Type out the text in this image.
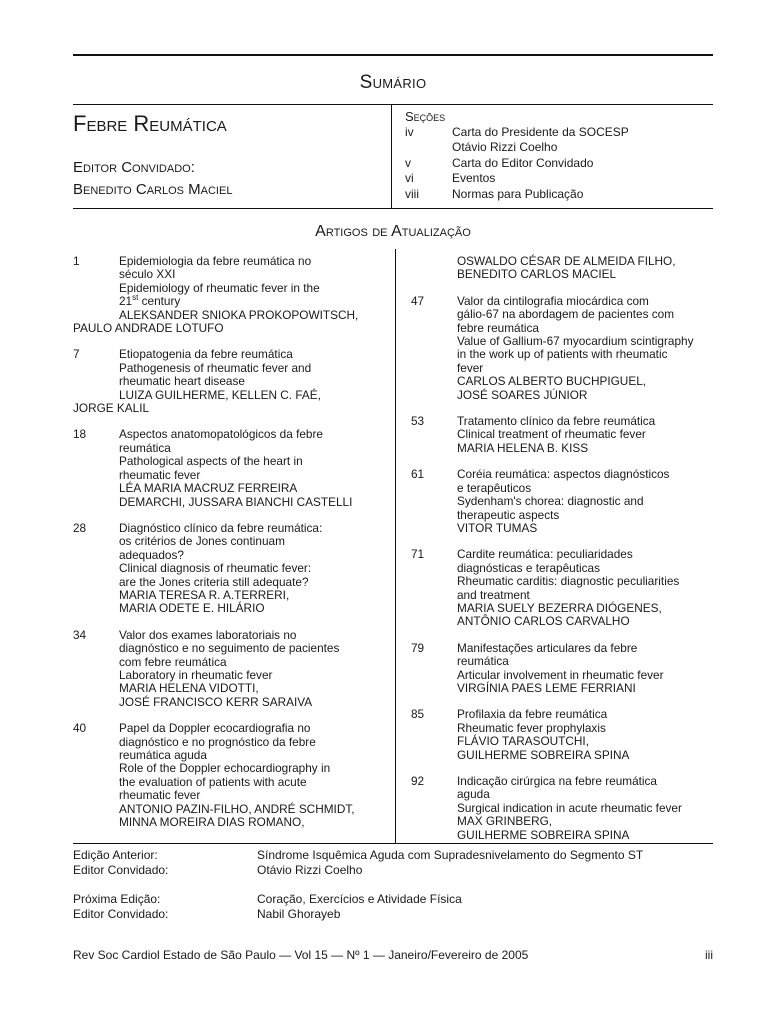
Sumário
Febre Reumática
Editor Convidado:
Benedito Carlos Maciel
Seções
iv	Carta do Presidente da SOCESP
Otávio Rizzi Coelho
v	Carta do Editor Convidado
vi	Eventos
viii	Normas para Publicação
Artigos de Atualização
1	Epidemiologia da febre reumática no
século XXI
Epidemiology of rheumatic fever in the
21st century
ALEKSANDER SNIOKA PROKOPOWITSCH,
PAULO ANDRADE LOTUFO
7	Etiopatogenia da febre reumática
Pathogenesis of rheumatic fever and
rheumatic heart disease
LUIZA GUILHERME, KELLEN C. FAÉ,
JORGE KALIL
18	Aspectos anatomopatológicos da febre
reumática
Pathological aspects of the heart in
rheumatic fever
LÉA MARIA MACRUZ FERREIRA
DEMARCHI, JUSSARA BIANCHI CASTELLI
28	Diagnóstico clínico da febre reumática:
os critérios de Jones continuam
adequados?
Clinical diagnosis of rheumatic fever:
are the Jones criteria still adequate?
MARIA TERESA R. A.TERRERI,
MARIA ODETE E. HILÁRIO
34	Valor dos exames laboratoriais no
diagnóstico e no seguimento de pacientes
com febre reumática
Laboratory in rheumatic fever
MARIA HELENA VIDOTTI,
JOSÉ FRANCISCO KERR SARAIVA
40	Papel da Doppler ecocardiografia no
diagnóstico e no prognóstico da febre
reumática aguda
Role of the Doppler echocardiography in
the evaluation of patients with acute
rheumatic fever
ANTONIO PAZIN-FILHO, ANDRÉ SCHMIDT,
MINNA MOREIRA DIAS ROMANO,
OSWALDO CÉSAR DE ALMEIDA FILHO,
BENEDITO CARLOS MACIEL
47	Valor da cintilografia miocárdica com
gálio-67 na abordagem de pacientes com
febre reumática
Value of Gallium-67 myocardium scintigraphy
in the work up of patients with rheumatic
fever
CARLOS ALBERTO BUCHPIGUEL,
JOSÉ SOARES JÚNIOR
53	Tratamento clínico da febre reumática
Clinical treatment of rheumatic fever
MARIA HELENA B. KISS
61	Coréia reumática: aspectos diagnósticos
e terapêuticos
Sydenham's chorea: diagnostic and
therapeutic aspects
VITOR TUMAS
71	Cardite reumática: peculiaridades
diagnósticas e terapêuticas
Rheumatic carditis: diagnostic peculiarities
and treatment
MARIA SUELY BEZERRA DIÓGENES,
ANTÔNIO CARLOS CARVALHO
79	Manifestações articulares da febre
reumática
Articular involvement in rheumatic fever
VIRGÍNIA PAES LEME FERRIANI
85	Profilaxia da febre reumática
Rheumatic fever prophylaxis
FLÁVIO TARASOUTCHI,
GUILHERME SOBREIRA SPINA
92	Indicação cirúrgica na febre reumática
aguda
Surgical indication in acute rheumatic fever
MAX GRINBERG,
GUILHERME SOBREIRA SPINA
Edição Anterior:	Síndrome Isquêmica Aguda com Supradesnivelamento do Segmento ST
Editor Convidado:	Otávio Rizzi Coelho
Próxima Edição:	Coração, Exercícios e Atividade Física
Editor Convidado:	Nabil Ghorayeb
Rev Soc Cardiol Estado de São Paulo — Vol 15 — Nº 1 — Janeiro/Fevereiro de 2005	iii
